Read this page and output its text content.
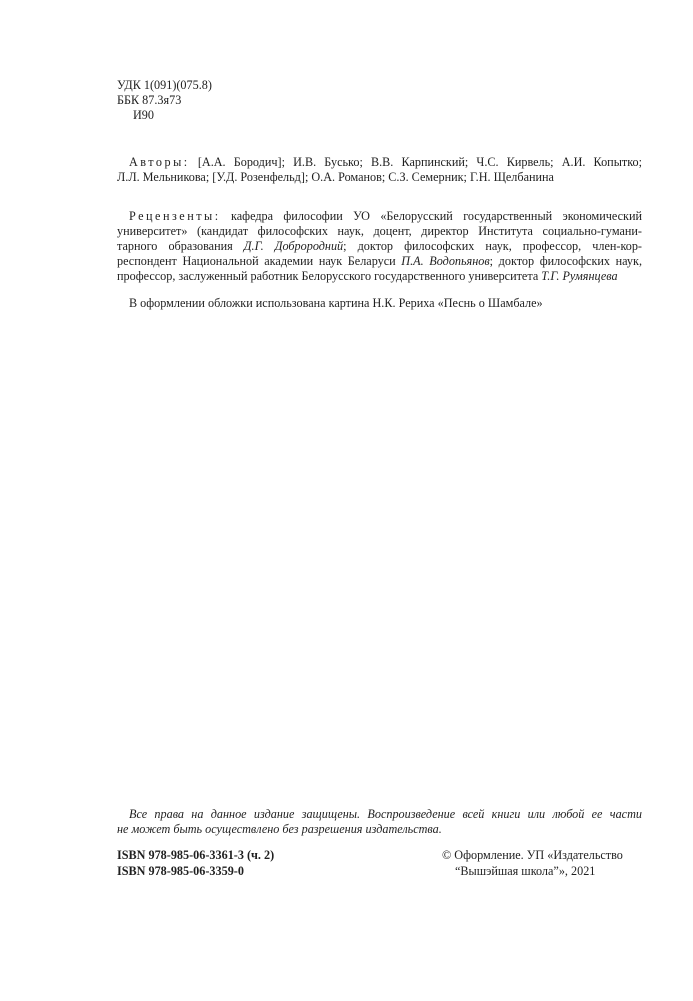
УДК 1(091)(075.8)
ББК 87.3я73
И90
Авторы: [А.А. Бородич]; И.В. Бусько; В.В. Карпинский; Ч.С. Кирвель; А.И. Копытко;
Л.Л. Мельникова; [У.Д. Розенфельд]; О.А. Романов; С.З. Семерник; Г.Н. Щелбанина
Рецензенты: кафедра философии УО «Белорусский государственный экономический
университет» (кандидат философских наук, доцент, директор Института социально-гумани-
тарного образования Д.Г. Доброродний; доктор философских наук, профессор, член-кор-
респондент Национальной академии наук Беларуси П.А. Водопьянов; доктор философских наук,
профессор, заслуженный работник Белорусского государственного университета Т.Г. Румянцева
В оформлении обложки использована картина Н.К. Рериха «Песнь о Шамбале»
Все права на данное издание защищены. Воспроизведение всей книги или любой ее части
не может быть осуществлено без разрешения издательства.
ISBN 978-985-06-3361-3 (ч. 2)
ISBN 978-985-06-3359-0
© Оформление. УП «Издательство
“Вышэйшая школа”», 2021
